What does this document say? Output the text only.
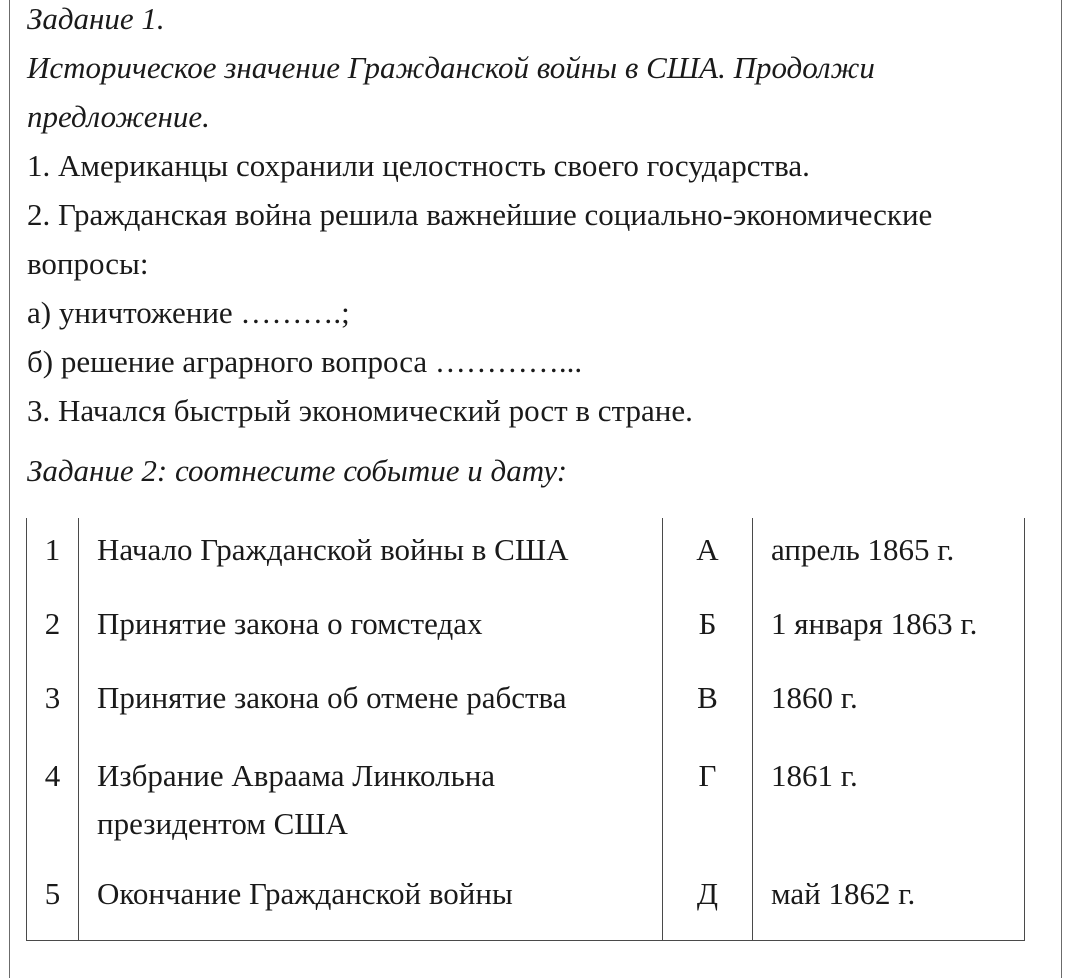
Задание 1.
Историческое значение Гражданской войны в США. Продолжи
предложение.
1. Американцы сохранили целостность своего государства.
2. Гражданская война решила важнейшие социально-экономические
вопросы:
а) уничтожение ……….;
б) решение аграрного вопроса …………...
3. Начался быстрый экономический рост в стране.
Задание 2: соотнесите событие и дату:
1	Начало Гражданской войны в США	А	апрель 1865 г.
2	Принятие закона о гомстедах	Б	1 января 1863 г.
3	Принятие закона об отмене рабства	В	1860 г.
4	Избрание Авраама Линкольна
президентом США	Г	1861 г.
5	Окончание Гражданской войны	Д	май 1862 г.
